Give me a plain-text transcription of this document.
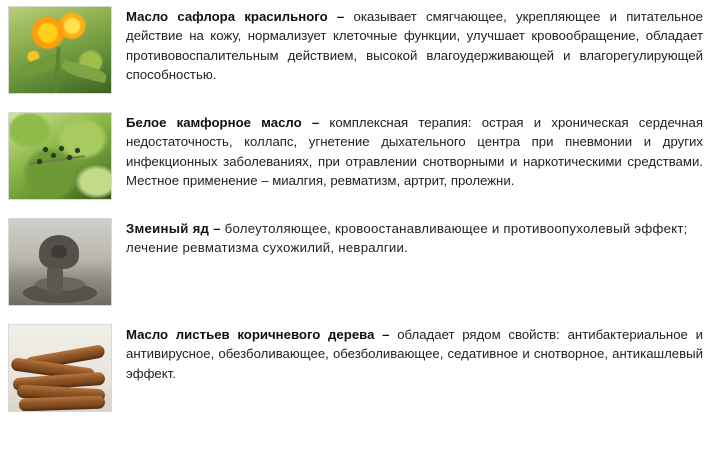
Масло сафлора красильного – оказывает смягчающее, укрепляющее и питательное действие на кожу, нормализует клеточные функции, улучшает кровообращение, обладает противовоспалительным действием, высокой влагоудерживающей и влагорегулирующей способностью.
Белое камфорное масло – комплексная терапия: острая и хроническая сердечная недостаточность, коллапс, угнетение дыхательного центра при пневмонии и других инфекционных заболеваниях, при отравлении снотворными и наркотическими средствами. Местное применение – миалгия, ревматизм, артрит, пролежни.
Змеиный яд – болеутоляющее, кровоостанавливающее и противоопухолевый эффект;
лечение ревматизма сухожилий, невралгии.
Масло листьев коричневого дерева – обладает рядом свойств: антибактериальное и антивирусное, обезболивающее, обезболивающее, седативное и снотворное, антикашлевый эффект.
